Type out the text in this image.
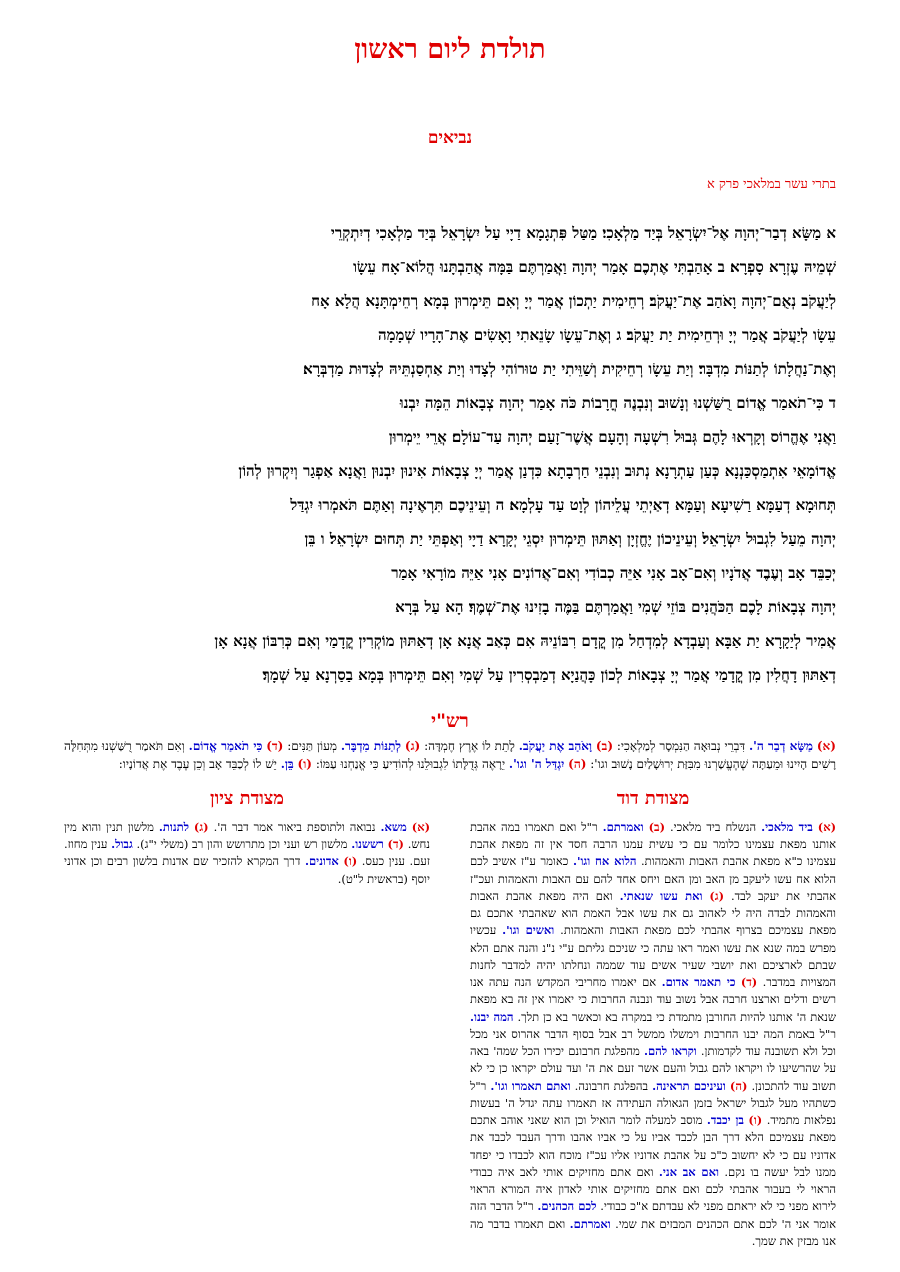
תולדת ליום ראשון
נביאים
בתרי עשר במלאכי פרק א
א מַשָּׂא דְבַר־יְהוָה אֶל־יִשְׂרָאֵל בְּיַד מַלְאָכִי׃ מַטַּל פִּתְגָמָא דַיָי עַל יִשְׂרָאֵל בְּיַד מַלְאָכִי דְיִתְקְרֵי
שְׁמֵיהּ עֶזְרָא סָפְרָא׃ ב אָהַבְתִּי אֶתְכֶם אָמַר יְהוָה וַאֲמַרְתֶּם בַּמָּה אֲהַבְתָּנוּ הֲלוֹא־אָח עֵשָׂו
לְיַעֲקֹב נְאֻם־יְהוָה וָאֹהַב אֶת־יַעֲקֹב׃ רְחֵימִית יַתְכוֹן אֲמַר יְיָ וְאִם תֵּימְרוּן בְּמָא רְחֵימְתָּנָא הֲלָא אָח
עֵשָׂו לְיַעֲקֹב אֲמַר יְיָ וּרְחֵימִית יַת יַעֲקֹב׃ ג וְאֶת־עֵשָׂו שָׂנֵאתִי וָאָשִׂים אֶת־הָרָיו שְׁמָמָה
וְאֶת־נַחֲלָתוֹ לְתַנּוֹת מִדְבָּר׃ וְיַת עֵשָׂו רְחֵיקִית וְשַׁוֵּיתִי יַת טוּרוֹהִי לְצָדוּ וְיַת אַחְסַנְתֵּיהּ לְצָדוּת מַדְבְּרָא׃
ד כִּי־תֹאמַר אֱדוֹם רֻשַּׁשְׁנוּ וְנָשׁוּב וְנִבְנֶה חֳרָבוֹת כֹּה אָמַר יְהוָה צְבָאוֹת הֵמָּה יִבְנוּ
וַאֲנִי אֶהֱרוֹס וְקָרְאוּ לָהֶם גְּבוּל רִשְׁעָה וְהָעָם אֲשֶׁר־זָעַם יְהוָה עַד־עוֹלָם׃ אֲרֵי יֵימְרוּן
אֱדוֹמָאֵי אִתְמַסְכַּנְנָא כְּעַן עַתְרָנָא נְתוּב וְנִבְנֵי חַרְבָתָא כִּדְנַן אֲמַר יְיָ צְבָאוֹת אִינוּן יִבְנוּן וַאֲנָא אַפְגַר וְיִקְרוּן לְהוֹן
תְּחוּמָא דְעַמָּא רַשִׁיעָא וְעַמָּא דְאַיְתֵי עֲלֵיהוֹן לְוָט עַד עָלְמָא׃ ה וְעֵינֵיכֶם תִּרְאֶינָה וְאַתֶּם תֹּאמְרוּ יִגְדַּל
יְהוָה מֵעַל לִגְבוּל יִשְׂרָאֵל׃ וְעֵינֵיכוֹן יֶחֱזְיָן וְאַתּוּן תֵּימְרוּן יִסְגֵי יְקָרָא דַיָי וְאַפְתֵּי יַת תְּחוּם יִשְׂרָאֵל׃ ו בֵּן
יְכַבֵּד אָב וְעֶבֶד אֲדֹנָיו וְאִם־אָב אָנִי אַיֵּה כְבוֹדִי וְאִם־אֲדוֹנִים אָנִי אַיֵּה מוֹרָאִי אָמַר
יְהוָה צְבָאוֹת לָכֶם הַכֹּהֲנִים בּוֹזֵי שְׁמִי וַאֲמַרְתֶּם בַּמֶּה בָזִינוּ אֶת־שְׁמֶךָ׃ הָא עַל בְּרָא
אֲמִיר לְיַקָרָא יַת אַבָּא וְעַבְדָא לְמִדְחַל מִן קֳדָם רִבּוֹנֵיהּ אִם כְּאַב אֲנָא אָן דְאַתּוּן מוֹקְרִין קֳדָמַי וְאִם כְּרִבּוֹן אֲנָא אָן
דְאַתּוּן דָחֲלִין מִן קֳדָמַי אֲמַר יְיָ צְבָאוֹת לְכוֹן כָּהֲנַיָא דְמַבְסְרִין עַל שְׁמִי וְאִם תֵּימְרוּן בְּמָא בַסַרְנָא עַל שְׁמָךְ׃
רש"י
(א) מַשָּׂא דְבַר ה'. דִּבְרֵי נְבוּאָה הַנִּמְסָר לְמַלְאָכִי: (ב) וָאֹהַב אֶת יַעֲקֹב. לָתֵת לוֹ אֶרֶץ חֶמְדָּה: (ג) לְתַנּוֹת מִדְבָּר. מְעוֹן תַּנִּים: (ד) כִּי תֹאמַר אֱדוֹם. וְאִם תֹּאמַר רֻשַּׁשְׁנוּ מִתְּחִלָּה רָשִׁים הָיִינוּ וּמֵעַתָּה שֶׁהֶעֱשַׁרְנוּ מִבִּזַּת יְרוּשָׁלַיִם נָשׁוּב וגו': (ה) יִגְדַּל ה' וגו'. יֵרָאֶה גְּדֻלָּתוֹ לִגְבוּלֵנוּ לְהוֹדִיעַ כִּי אֱנַחְנוּ עַמּוֹ: (ו) בֵּן. יֵשׁ לוֹ לְכַבֵּד אָב וְכֵן עֶבֶד אֶת אֲדוֹנָיו:
מצודת דוד
(א) ביד מלאכי. הנשלח ביד מלאכי. (ב) ואמרתם. ר"ל ואם תאמרו במה אהבת אותנו מפאת עצמינו כלומר עם כי עשית עמנו הרבה חסד אין זה מפאת אהבת עצמינו כ"א מפאת אהבת האבות והאמהות. הלוא אח וגו'. כאומר ע"ז אשיב לכם הלוא אח עשו ליעקב מן האב ומן האם ויחס אחד להם עם האבות והאמהות ועכ"ז אהבתי את יעקב לבד. (ג) ואת עשו שנאתי. ואם היה מפאת אהבת האבות והאמהות לבדה היה לי לאהוב גם את עשו אבל האמת הוא שאהבתי אתכם גם מפאת עצמיכם בצרוף אהבתי לכם מפאת האבות והאמהות. ואשים וגו'. עכשיו מפרש במה שנא את עשו ואמר ראו עתה כי שניכם גליתם ע"י נ"נ והנה אתם הלא שבתם לארציכם ואת יושבי שעיר אשים עוד שממה ונחלתו יהיה למדבר לחנות המצויות במדבר. (ד) כי תאמר אדום. אם יאמרו מחריבי המקדש הנה עתה אנו רשים ודלים וארצנו חרבה אבל נשוב עוד ונבנה החרבות כי יאמרו אין זה בא מפאת שנאת ה' אותנו להיות החורבן מתמדת כי במקרה בא וכאשר בא כן תלך. המה יבנו. ר"ל באמת המה יבנו החרבות וימשלו ממשל רב אבל בסוף הדבר אהרוס אני מכל וכל ולא תשובנה עוד לקדמותן. וקראו להם. מהפלגת חרבונם יכירו הכל שמה' באה על שהרשיעו לו ויקראו להם גבול והעם אשר זעם את ה' ועד עולם יקראו כן כי לא תשוב עוד להתכונן. (ה) ועיניכם תראינה. בהפלגת חרבונה. ואתם תאמרו וגו'. ר"ל כשתהיו מעל לגבול ישראל בזמן הגאולה העתידה אז תאמרו עתה יגדל ה' בעשות נפלאות מתמיד. (ו) בן יכבד. מוסב למעלה לומר הואיל וכן הוא שאני אוהב אתכם מפאת עצמיכם הלא דרך הבן לכבד אביו על כי אביו אהבו ודרך העבד לכבד את אדוניו עם כי לא יחשוב כ"כ על אהבת אדוניו אליו עכ"ז מוכח הוא לכבדו כי יפחד ממנו לבל יעשה בו נקם. ואם אב אני. ואם אתם מחזיקים אותי לאב איה כבודי הראוי לי בעבור אהבתי לכם ואם אתם מחזיקים אותי לאדון איה המורא הראוי לירוא מפני כי לא יראתם מפני לא עבדתם א"כ כבודי. לכם הכהנים. ר"ל הדבר הזה אומר אני ה' לכם אתם הכהנים המבזים את שמי. ואמרתם. ואם תאמרו בדבר מה אנו מבזין את שמך.
מצודת ציון
(א) משא. נבואה ולתוספת ביאור אמר דבר ה'. (ג) לתנות. מלשון תנין והוא מין נחש. (ד) רששנו. מלשון רש ועני וכן מתרושש והון רב (משלי י"ג). גבול. ענין מחוז. זעם. ענין כעס. (ו) אדונים. דרך המקרא להזכיר שם אדנות בלשון רבים וכן אדוני יוסף (בראשית ל"ט).
